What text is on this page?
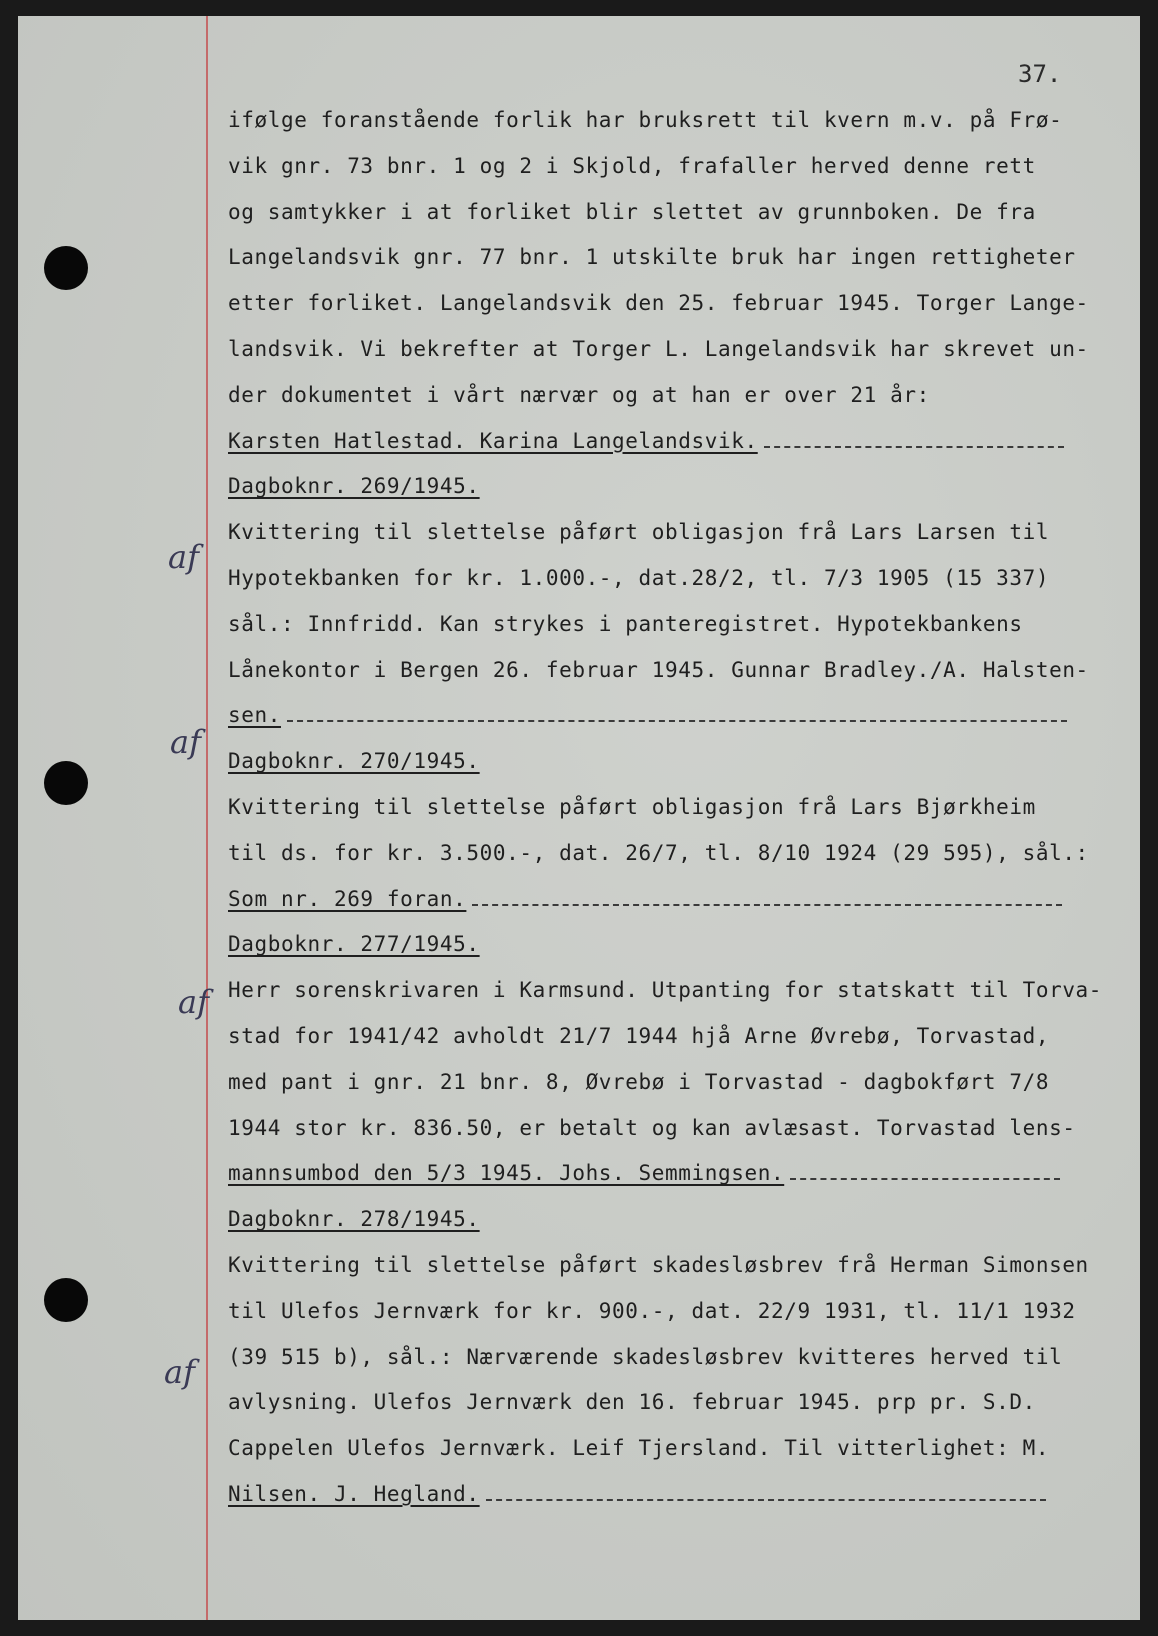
37.
af
af
af
af
ifølge foranstående forlik har bruksrett til kvern m.v. på Frø-
vik gnr. 73 bnr. 1 og 2 i Skjold, frafaller herved denne rett
og samtykker i at forliket blir slettet av grunnboken. De fra
Langelandsvik gnr. 77 bnr. 1 utskilte bruk har ingen rettigheter
etter forliket. Langelandsvik den 25. februar 1945. Torger Lange-
landsvik. Vi bekrefter at Torger L. Langelandsvik har skrevet un-
der dokumentet i vårt nærvær og at han er over 21 år:
Karsten Hatlestad. Karina Langelandsvik.
Dagboknr. 269/1945.
Kvittering til slettelse påført obligasjon frå Lars Larsen til
Hypotekbanken for kr. 1.000.-, dat.28/2, tl. 7/3 1905 (15 337)
sål.: Innfridd. Kan strykes i panteregistret. Hypotekbankens
Lånekontor i Bergen 26. februar 1945. Gunnar Bradley./A. Halsten-
sen.
Dagboknr. 270/1945.
Kvittering til slettelse påført obligasjon frå Lars Bjørkheim
til ds. for kr. 3.500.-, dat. 26/7, tl. 8/10 1924 (29 595), sål.:
Som nr. 269 foran.
Dagboknr. 277/1945.
Herr sorenskrivaren i Karmsund. Utpanting for statskatt til Torva-
stad for 1941/42 avholdt 21/7 1944 hjå Arne Øvrebø, Torvastad,
med pant i gnr. 21 bnr. 8, Øvrebø i Torvastad - dagbokført 7/8
1944 stor kr. 836.50, er betalt og kan avlæsast. Torvastad lens-
mannsumbod den 5/3 1945. Johs. Semmingsen.
Dagboknr. 278/1945.
Kvittering til slettelse påført skadesløsbrev frå Herman Simonsen
til Ulefos Jernværk for kr. 900.-, dat. 22/9 1931, tl. 11/1 1932
(39 515 b), sål.: Nærværende skadesløsbrev kvitteres herved til
avlysning. Ulefos Jernværk den 16. februar 1945. prp pr. S.D.
Cappelen Ulefos Jernværk. Leif Tjersland. Til vitterlighet: M.
Nilsen. J. Hegland.
